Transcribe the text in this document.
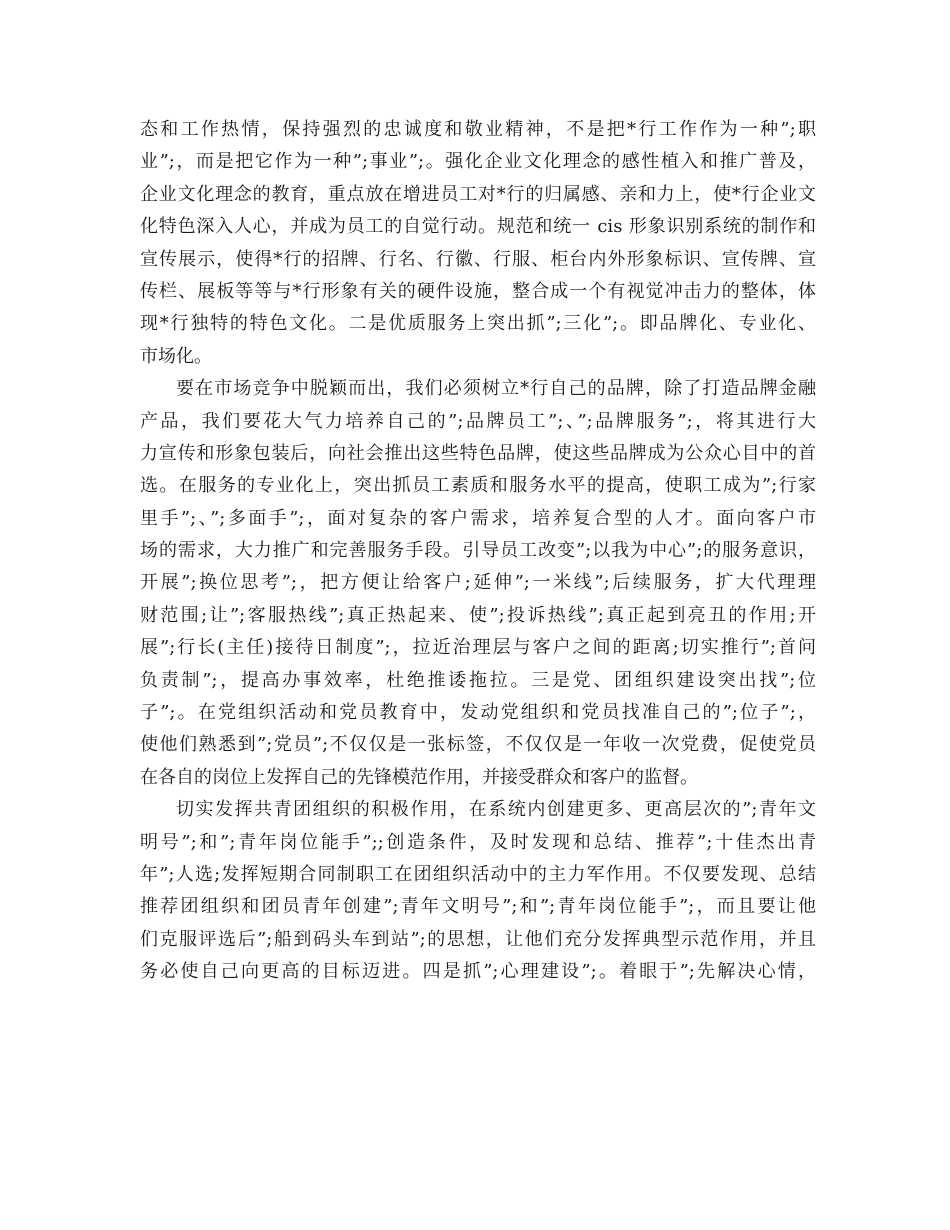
态和工作热情，保持强烈的忠诚度和敬业精神，不是把*行工作作为一种”;职
业”;，而是把它作为一种”;事业”;。强化企业文化理念的感性植入和推广普及，
企业文化理念的教育，重点放在增进员工对*行的归属感、亲和力上，使*行企业文
化特色深入人心，并成为员工的自觉行动。规范和统一 cis 形象识别系统的制作和
宣传展示，使得*行的招牌、行名、行徽、行服、柜台内外形象标识、宣传牌、宣
传栏、展板等等与*行形象有关的硬件设施，整合成一个有视觉冲击力的整体，体
现*行独特的特色文化。二是优质服务上突出抓”;三化”;。即品牌化、专业化、
市场化。
要在市场竞争中脱颖而出，我们必须树立*行自己的品牌，除了打造品牌金融
产品，我们要花大气力培养自己的”;品牌员工”;、”;品牌服务”;，将其进行大
力宣传和形象包装后，向社会推出这些特色品牌，使这些品牌成为公众心目中的首
选。在服务的专业化上，突出抓员工素质和服务水平的提高，使职工成为”;行家
里手”;、”;多面手”;，面对复杂的客户需求，培养复合型的人才。面向客户市
场的需求，大力推广和完善服务手段。引导员工改变”;以我为中心”;的服务意识，
开展”;换位思考”;，把方便让给客户;延伸”;一米线”;后续服务，扩大代理理
财范围;让”;客服热线”;真正热起来、使”;投诉热线”;真正起到亮丑的作用;开
展”;行长(主任)接待日制度”;，拉近治理层与客户之间的距离;切实推行”;首问
负责制”;，提高办事效率，杜绝推诿拖拉。三是党、团组织建设突出找”;位
子”;。在党组织活动和党员教育中，发动党组织和党员找准自己的”;位子”;，
使他们熟悉到”;党员”;不仅仅是一张标签，不仅仅是一年收一次党费，促使党员
在各自的岗位上发挥自己的先锋模范作用，并接受群众和客户的监督。
切实发挥共青团组织的积极作用，在系统内创建更多、更高层次的”;青年文
明号”;和”;青年岗位能手”;;创造条件，及时发现和总结、推荐”;十佳杰出青
年”;人选;发挥短期合同制职工在团组织活动中的主力军作用。不仅要发现、总结
推荐团组织和团员青年创建”;青年文明号”;和”;青年岗位能手”;，而且要让他
们克服评选后”;船到码头车到站”;的思想，让他们充分发挥典型示范作用，并且
务必使自己向更高的目标迈进。四是抓”;心理建设”;。着眼于”;先解决心情，
